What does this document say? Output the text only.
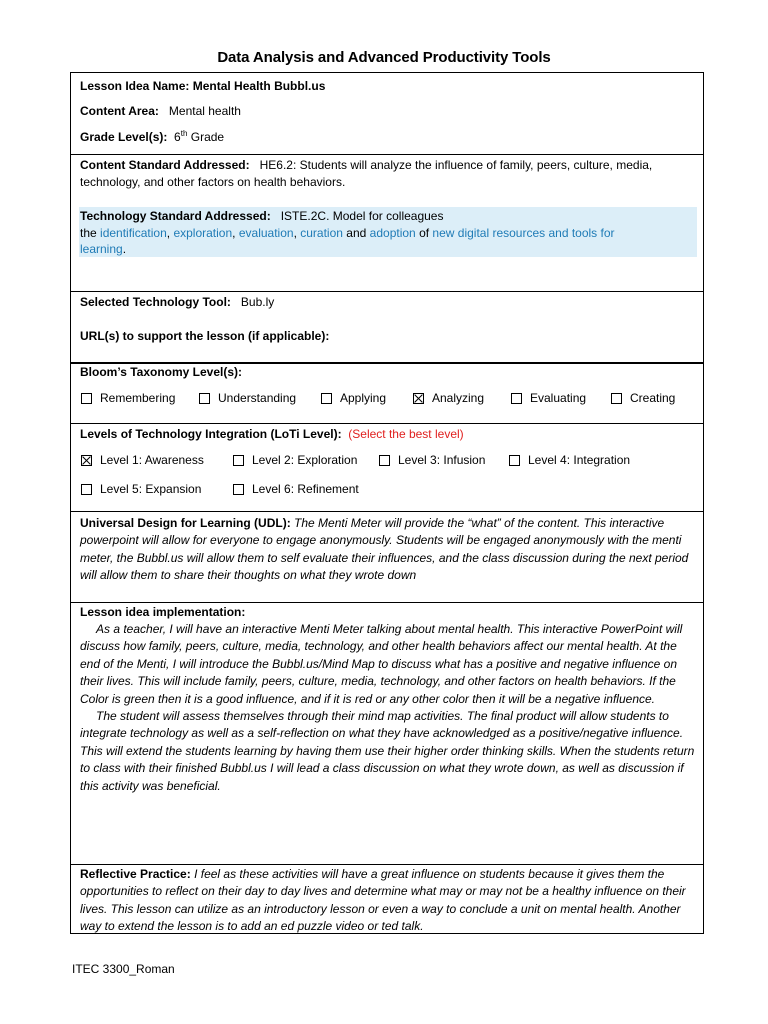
Data Analysis and Advanced Productivity Tools
Lesson Idea Name: Mental Health Bubbl.us
Content Area: Mental health
Grade Level(s): 6th Grade
Content Standard Addressed: HE6.2: Students will analyze the influence of family, peers, culture, media,
technology, and other factors on health behaviors.
Technology Standard Addressed: ISTE.2C. Model for colleagues
the identification, exploration, evaluation, curation and adoption of new digital resources and tools for
learning.
Selected Technology Tool: Bub.ly
URL(s) to support the lesson (if applicable):
Bloom’s Taxonomy Level(s):
Remembering	Understanding	Applying	Analyzing	Evaluating	Creating
Levels of Technology Integration (LoTi Level): (Select the best level)
Level 1: Awareness	Level 2: Exploration	Level 3: Infusion	Level 4: Integration
Level 5: Expansion	Level 6: Refinement
Universal Design for Learning (UDL): The Menti Meter will provide the “what” of the content. This interactive powerpoint will allow for everyone to engage anonymously. Students will be engaged anonymously with the menti meter, the Bubbl.us will allow them to self evaluate their influences, and the class discussion during the next period will allow them to share their thoughts on what they wrote down
Lesson idea implementation:
As a teacher, I will have an interactive Menti Meter talking about mental health. This interactive PowerPoint will discuss how family, peers, culture, media, technology, and other health behaviors affect our mental health. At the end of the Menti, I will introduce the Bubbl.us/Mind Map to discuss what has a positive and negative influence on their lives. This will include family, peers, culture, media, technology, and other factors on health behaviors. If the Color is green then it is a good influence, and if it is red or any other color then it will be a negative influence.
The student will assess themselves through their mind map activities. The final product will allow students to integrate technology as well as a self-reflection on what they have acknowledged as a positive/negative influence. This will extend the students learning by having them use their higher order thinking skills. When the students return to class with their finished Bubbl.us I will lead a class discussion on what they wrote down, as well as discussion if this activity was beneficial.
Reflective Practice: I feel as these activities will have a great influence on students because it gives them the opportunities to reflect on their day to day lives and determine what may or may not be a healthy influence on their lives. This lesson can utilize as an introductory lesson or even a way to conclude a unit on mental health. Another way to extend the lesson is to add an ed puzzle video or ted talk.
ITEC 3300_Roman
